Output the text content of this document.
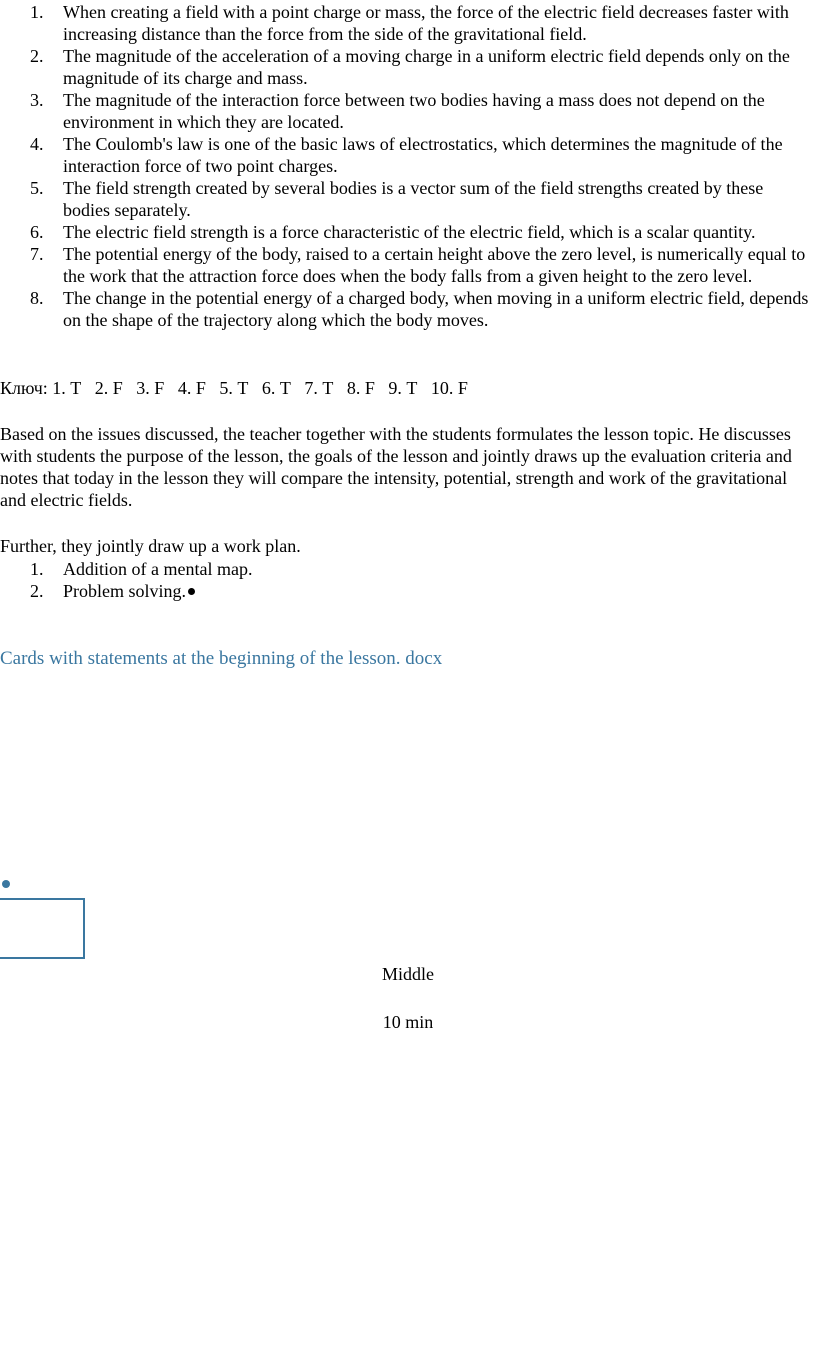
1. When creating a field with a point charge or mass, the force of the electric field decreases faster with increasing distance than the force from the side of the gravitational field.
2. The magnitude of the acceleration of a moving charge in a uniform electric field depends only on the magnitude of its charge and mass.
3. The magnitude of the interaction force between two bodies having a mass does not depend on the environment in which they are located.
4. The Coulomb's law is one of the basic laws of electrostatics, which determines the magnitude of the interaction force of two point charges.
5. The field strength created by several bodies is a vector sum of the field strengths created by these bodies separately.
6. The electric field strength is a force characteristic of the electric field, which is a scalar quantity.
7. The potential energy of the body, raised to a certain height above the zero level, is numerically equal to the work that the attraction force does when the body falls from a given height to the zero level.
8. The change in the potential energy of a charged body, when moving in a uniform electric field, depends on the shape of the trajectory along which the body moves.
Ключ: 1. Т   2. F   3. F   4. F   5. Т   6. Т   7. Т   8. F   9. Т   10. F
Based on the issues discussed, the teacher together with the students formulates the lesson topic. He discusses with students the purpose of the lesson, the goals of the lesson and jointly draws up the evaluation criteria and notes that today in the lesson they will compare the intensity, potential, strength and work of the gravitational and electric fields.
Further, they jointly draw up a work plan.
1. Addition of a mental map.
2. Problem solving.
Cards with statements at the beginning of the lesson. docx
Middle
10 min
